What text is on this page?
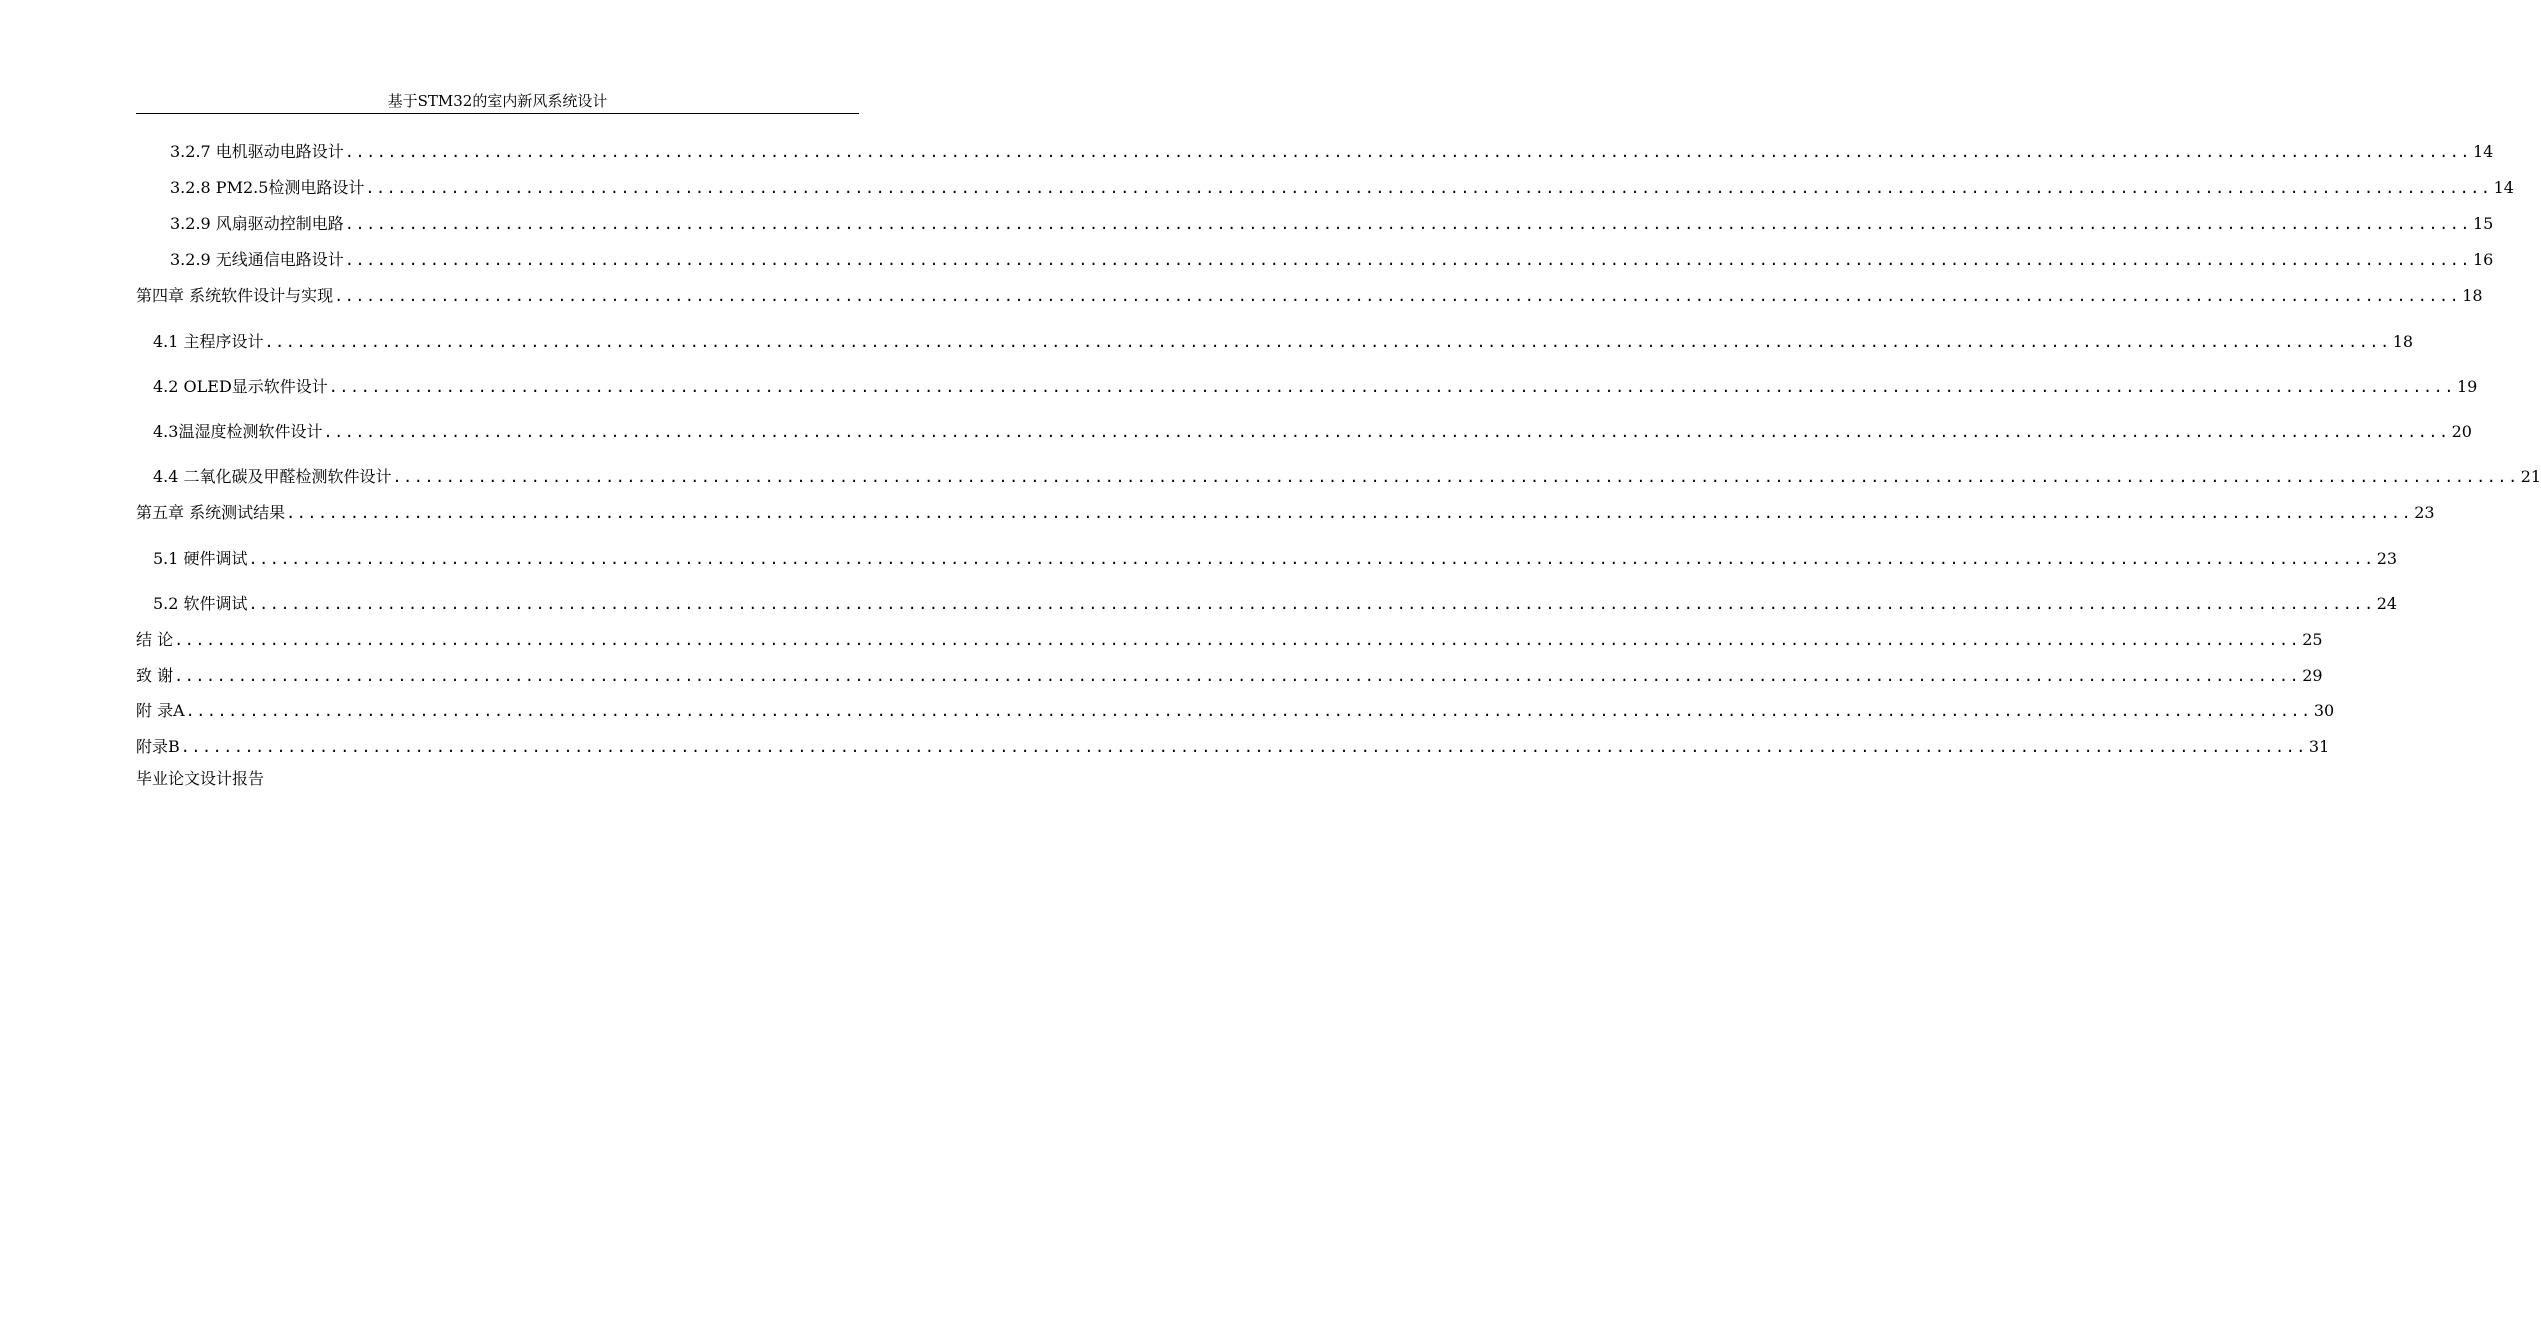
基于STM32的室内新风系统设计
3.2.7 电机驱动电路设计 ........................................................................................................................................................................................................ 14
3.2.8 PM2.5检测电路设计 ........................................................................................................................................................................................................ 14
3.2.9 风扇驱动控制电路 ........................................................................................................................................................................................................ 15
3.2.9 无线通信电路设计 ........................................................................................................................................................................................................ 16
第四章 系统软件设计与实现 ........................................................................................................................................................................................................ 18
4.1 主程序设计 ........................................................................................................................................................................................................ 18
4.2 OLED显示软件设计 ........................................................................................................................................................................................................ 19
4.3温湿度检测软件设计 ........................................................................................................................................................................................................ 20
4.4 二氧化碳及甲醛检测软件设计 ........................................................................................................................................................................................................ 21
第五章 系统测试结果 ........................................................................................................................................................................................................ 23
5.1 硬件调试 ........................................................................................................................................................................................................ 23
5.2 软件调试 ........................................................................................................................................................................................................ 24
结 论 ........................................................................................................................................................................................................ 25
致 谢 ........................................................................................................................................................................................................ 29
附 录A ........................................................................................................................................................................................................ 30
附录B ........................................................................................................................................................................................................ 31
毕业论文设计报告
